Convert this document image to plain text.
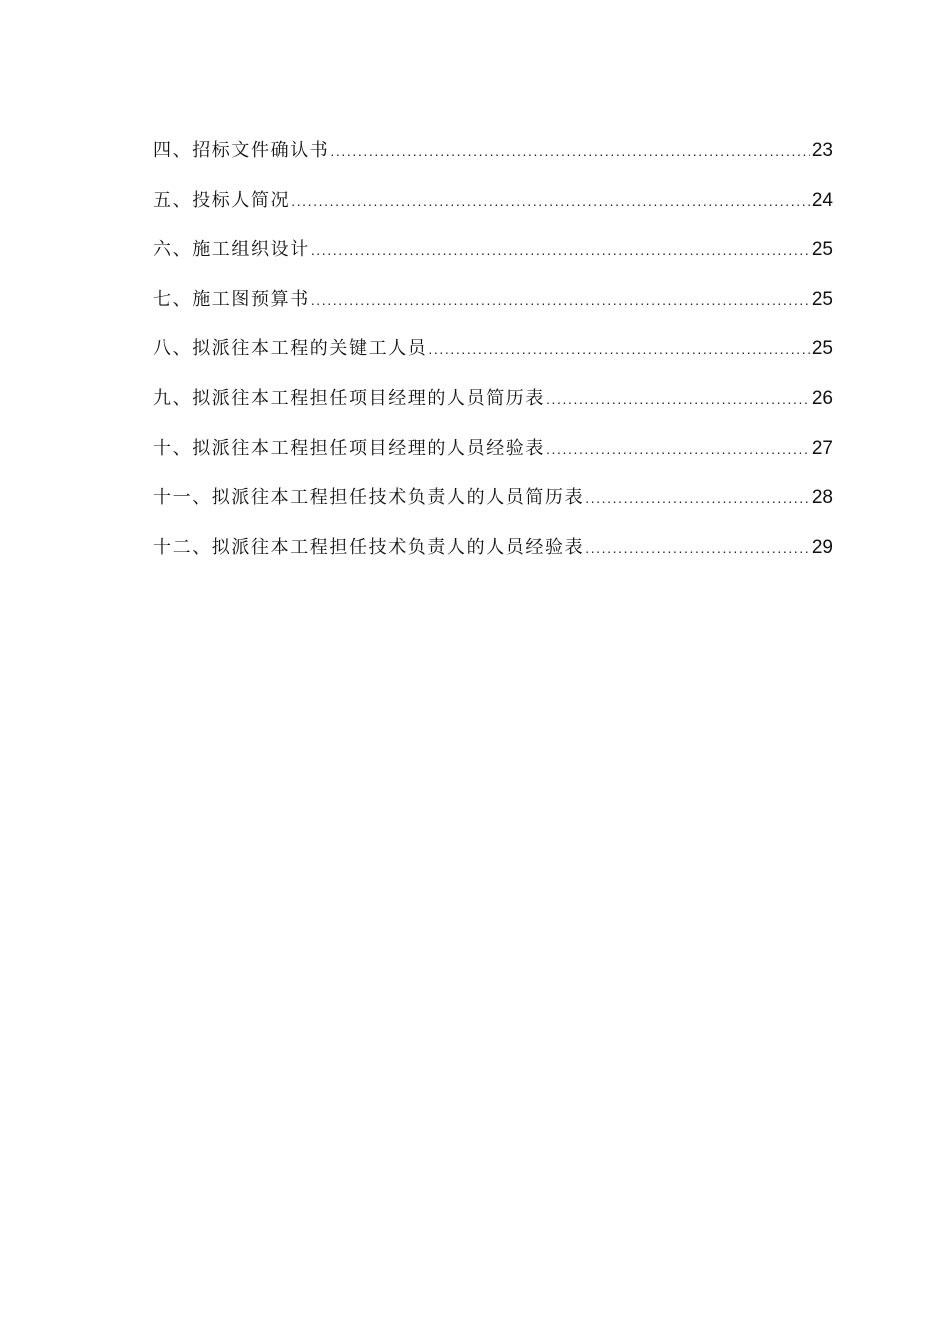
四、招标文件确认书 .....	23
五、投标人简况 .....	24
六、施工组织设计 .....	25
七、施工图预算书 .....	25
八、拟派往本工程的关键工人员 .....	25
九、拟派往本工程担任项目经理的人员简历表 .....	26
十、拟派往本工程担任项目经理的人员经验表 .....	27
十一、拟派往本工程担任技术负责人的人员简历表 .....	28
十二、拟派往本工程担任技术负责人的人员经验表 .....	29
